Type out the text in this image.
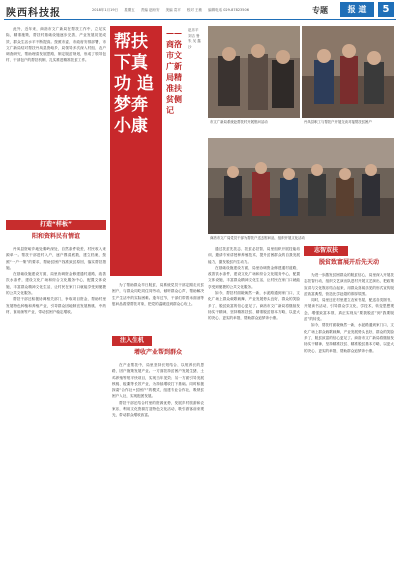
陕西科技报	2018年1月19日 星期五 责编 赵盼安 美编 袁平 校对 王敏 编辑电话 029-87823506	专题	报 道	5

此外，近年来，商洛市文广新局在帮扶工作中，立足实际，精准施策，帮扶村基础设施逐步完善，产业发展初见成效，群众生活水平不断提高。按照市委、市政府安排部署，市文广新局结对帮扶丹凤县资峪乡，局领导多次深入村组、农户调查研究，帮助理清发展思路，制定脱贫规划，形成了领导包村、干部包户的帮扶机制，扎实推进精准扶贫工作。

打造“样板”
阳和资料民有情谊

丹凤县资峪乡地处秦岭深处，自然条件较差，村民收入来源单一。帮扶干部进村入户，逐户摸清底数，建立档案，按照“一户一策”的要求，帮助贫困户找准致贫原因，落实帮扶措施。

在基础设施建设方面，局里协调资金修建通村道路，改善饮水条件，建设文化广场和综合文化服务中心，配置文体设施，丰富群众精神文化生活，让村民在家门口就能享受到便捷的公共文化服务。

帮扶干部还积极协调相关部门，争取项目资金，帮助村里发展特色种植和养殖产业，引导群众因地制宜发展核桃、中药材、食用菌等产业，带动贫困户稳定增收。

帮扶下真功 追梦奔小康
——商洛市文广新局精准扶贫侧记
赵乐平 刘吉 鲁 朱 吴 鑫 沙
市文广新局系统赴帮扶村开展慰问活动	丹凤县职工与帮扶户开展交谈对接帮扶贫困户
商洛市文广局党员干部为帮扶户送去慰问品，组织开展文化活动

为了帮助群众早日脱贫，局系统党员干部定期走访贫困户，与群众同吃同住同劳动，倾听群众心声，帮助解决生产生活中的实际困难。逢年过节，干部们带着米面油等慰问品看望帮扶对象，把党的温暖送到群众心坎上。

注入生机
增收产业帮到群众

在产业帮扶中，局里坚持长短结合、以短养长的思路，因户施策发展产业。一方面扶持贫困户发展生猪、土鸡养殖等短平快项目，实现当年见效；另一方面引导发展核桃、板栗等长效产业，为持续增收打下基础。同时积极探索“合作社+贫困户”的模式，组建专业合作社，吸纳贫困户入社，实现抱团发展。

帮扶干部还结合村里的资源优势，发展乡村旅游和农家乐，利用文化资源打造特色文化活动，吸引游客前来观光，带动群众增收致富。

通过扶贫先扶志、扶贫必扶智，局里组织开展技能培训，邀请专家讲授种养殖技术，提升贫困群众的自我发展能力，激发脱贫内生动力。

在基础设施建设方面，局里协调资金修建通村道路，改善饮水条件，建设文化广场和综合文化服务中心，配置文体设施，丰富群众精神文化生活，让村民在家门口就能享受到便捷的公共文化服务。

如今，帮扶村面貌焕然一新，水泥路通到家门口，文化广场上群众载歌载舞，产业发展势头良好，群众的笑脸多了，脱贫致富的信心更足了。商洛市文广新局将继续发扬实干精神，坚持精准扶贫、精准脱贫基本方略，以更大的决心、更实的举措，帮助群众追梦奔小康。

志智双扶
脱贫致富展开后先天动

为进一步激发贫困群众的脱贫信心，局里深入开展扶志扶智行动，组织文艺演出队进村开展文艺演出，把政策宣讲与文化娱乐结合起来，用群众喜闻乐见的形式宣传脱贫致富典型，营造比学赶超的浓厚氛围。

同时，局里还在村里建立农家书屋，配送各类图书，开展读书活动，引导群众学文化、学技术，转变思想观念，增强致富本领，真正实现从“要我脱贫”到“我要脱贫”的转变。

如今，帮扶村面貌焕然一新，水泥路通到家门口，文化广场上群众载歌载舞，产业发展势头良好，群众的笑脸多了，脱贫致富的信心更足了。商洛市文广新局将继续发扬实干精神，坚持精准扶贫、精准脱贫基本方略，以更大的决心、更实的举措，帮助群众追梦奔小康。
